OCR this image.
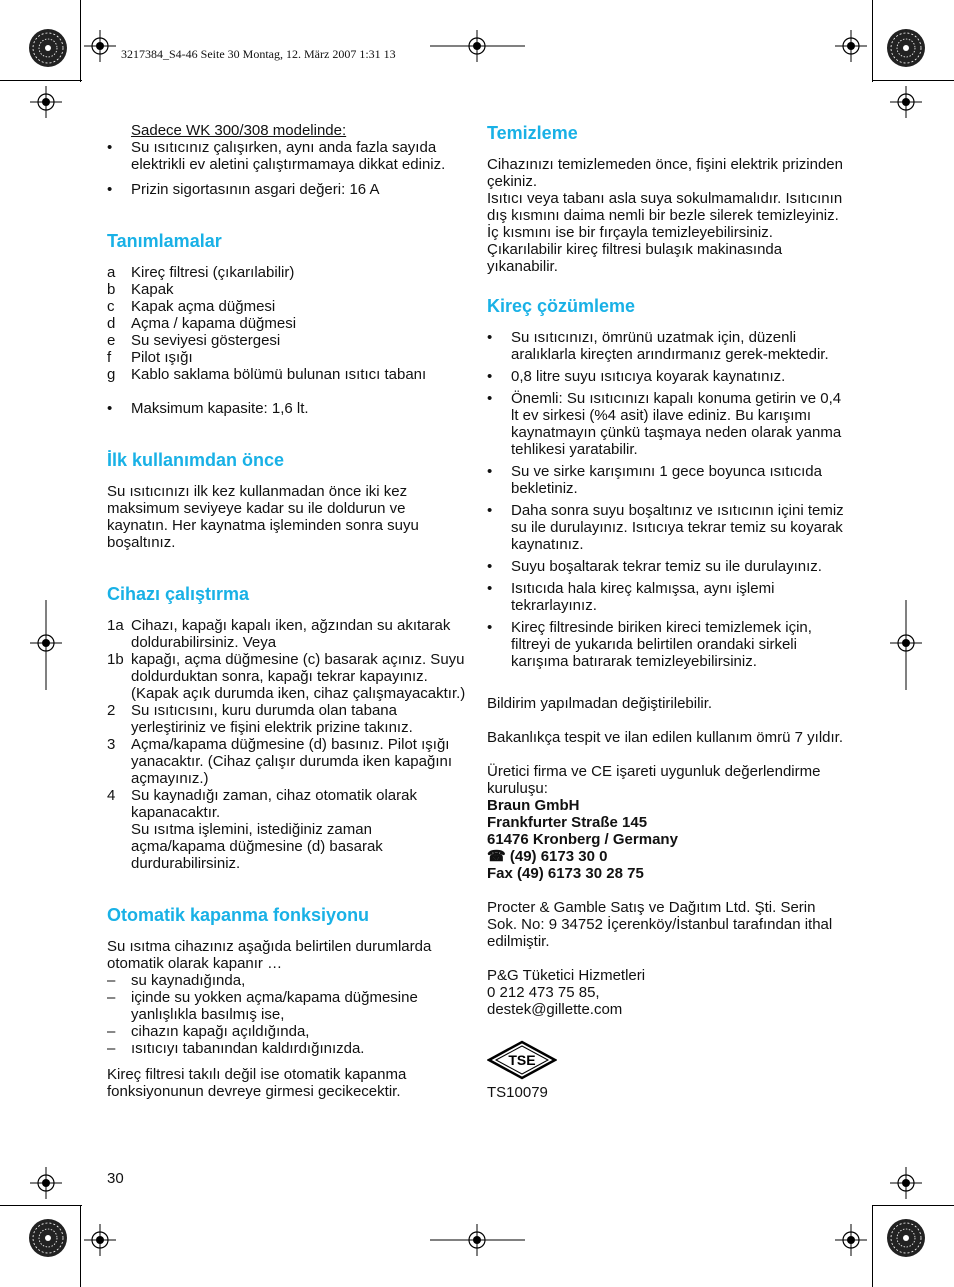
3217384_S4-46 Seite 30 Montag, 12. März 2007 1:31 13

Sadece WK 300/308 modelinde:

•	Su ısıtıcınız çalışırken, aynı anda fazla sayıda elektrikli ev aletini çalıştırmamaya dikkat ediniz.
•	Prizin sigortasının asgari değeri: 16 A
Tanımlamalar
a	Kireç filtresi (çıkarılabilir)
b	Kapak
c	Kapak açma düğmesi
d	Açma / kapama düğmesi
e	Su seviyesi göstergesi
f	Pilot ışığı
g	Kablo saklama bölümü bulunan ısıtıcı tabanı
•	Maksimum kapasite: 1,6 lt.
İlk kullanımdan önce

Su ısıtıcınızı ilk kez kullanmadan önce iki kez maksimum seviyeye kadar su ile doldurun ve kaynatın. Her kaynatma işleminden sonra suyu boşaltınız.

Cihazı çalıştırma
1a Cihazı, kapağı kapalı iken, ağzından su akıtarak doldurabilirsiniz. Veya
1b kapağı, açma düğmesine (c) basarak açınız. Suyu doldurduktan sonra, kapağı tekrar kapayınız. (Kapak açık durumda iken, cihaz çalışmayacaktır.)
2	Su ısıtıcısını, kuru durumda olan tabana yerleştiriniz ve fişini elektrik prizine takınız.
3	Açma/kapama düğmesine (d) basınız. Pilot ışığı yanacaktır. (Cihaz çalışır durumda iken kapağını açmayınız.)
4	Su kaynadığı zaman, cihaz otomatik olarak kapanacaktır.
Su ısıtma işlemini, istediğiniz zaman açma/kapama düğmesine (d) basarak durdurabilirsiniz.
Otomatik kapanma fonksiyonu

Su ısıtma cihazınız aşağıda belirtilen durumlarda otomatik olarak kapanır …

–	su kaynadığında,
–	içinde su yokken açma/kapama düğmesine yanlışlıkla basılmış ise,
–	cihazın kapağı açıldığında,
–	ısıtıcıyı tabanından kaldırdığınızda.

Kireç filtresi takılı değil ise otomatik kapanma fonksiyonunun devreye girmesi gecikecektir.

Temizleme

Cihazınızı temizlemeden önce, fişini elektrik prizinden çekiniz.

Isıtıcı veya tabanı asla suya sokulmamalıdır. Isıtıcının dış kısmını daima nemli bir bezle silerek temizleyiniz. İç kısmını ise bir fırçayla temizleyebilirsiniz. Çıkarılabilir kireç filtresi bulaşık makinasında yıkanabilir.

Kireç çözümleme
•	Su ısıtıcınızı, ömrünü uzatmak için, düzenli aralıklarla kireçten arındırmanız gerek-mektedir.
•	0,8 litre suyu ısıtıcıya koyarak kaynatınız.
•	Önemli: Su ısıtıcınızı kapalı konuma getirin ve 0,4 lt ev sirkesi (%4 asit) ilave ediniz. Bu karışımı kaynatmayın çünkü taşmaya neden olarak yanma tehlikesi yaratabilir.
•	Su ve sirke karışımını 1 gece boyunca ısıtıcıda bekletiniz.
•	Daha sonra suyu boşaltınız ve ısıtıcının içini temiz su ile durulayınız. Isıtıcıya tekrar temiz su koyarak kaynatınız.
•	Suyu boşaltarak tekrar temiz su ile durulayınız.
•	Isıtıcıda hala kireç kalmışsa, aynı işlemi tekrarlayınız.
•	Kireç filtresinde biriken kireci temizlemek için, filtreyi de yukarıda belirtilen orandaki sirkeli karışıma batırarak temizleyebilirsiniz.

Bildirim yapılmadan değiştirilebilir.

Bakanlıkça tespit ve ilan edilen kullanım ömrü 7 yıldır.

Üretici firma ve CE işareti uygunluk değerlendirme kuruluşu:

Braun GmbH

Frankfurter Straße 145

61476 Kronberg / Germany

☎ (49) 6173 30 0

Fax (49) 6173 30 28 75

Procter & Gamble Satış ve Dağıtım Ltd. Şti. Serin Sok. No: 9 34752 İçerenköy/İstanbul tarafından ithal edilmiştir.

P&G Tüketici Hizmetleri

0 212 473 75 85,

destek@gillette.com

TSE

TS10079

30
